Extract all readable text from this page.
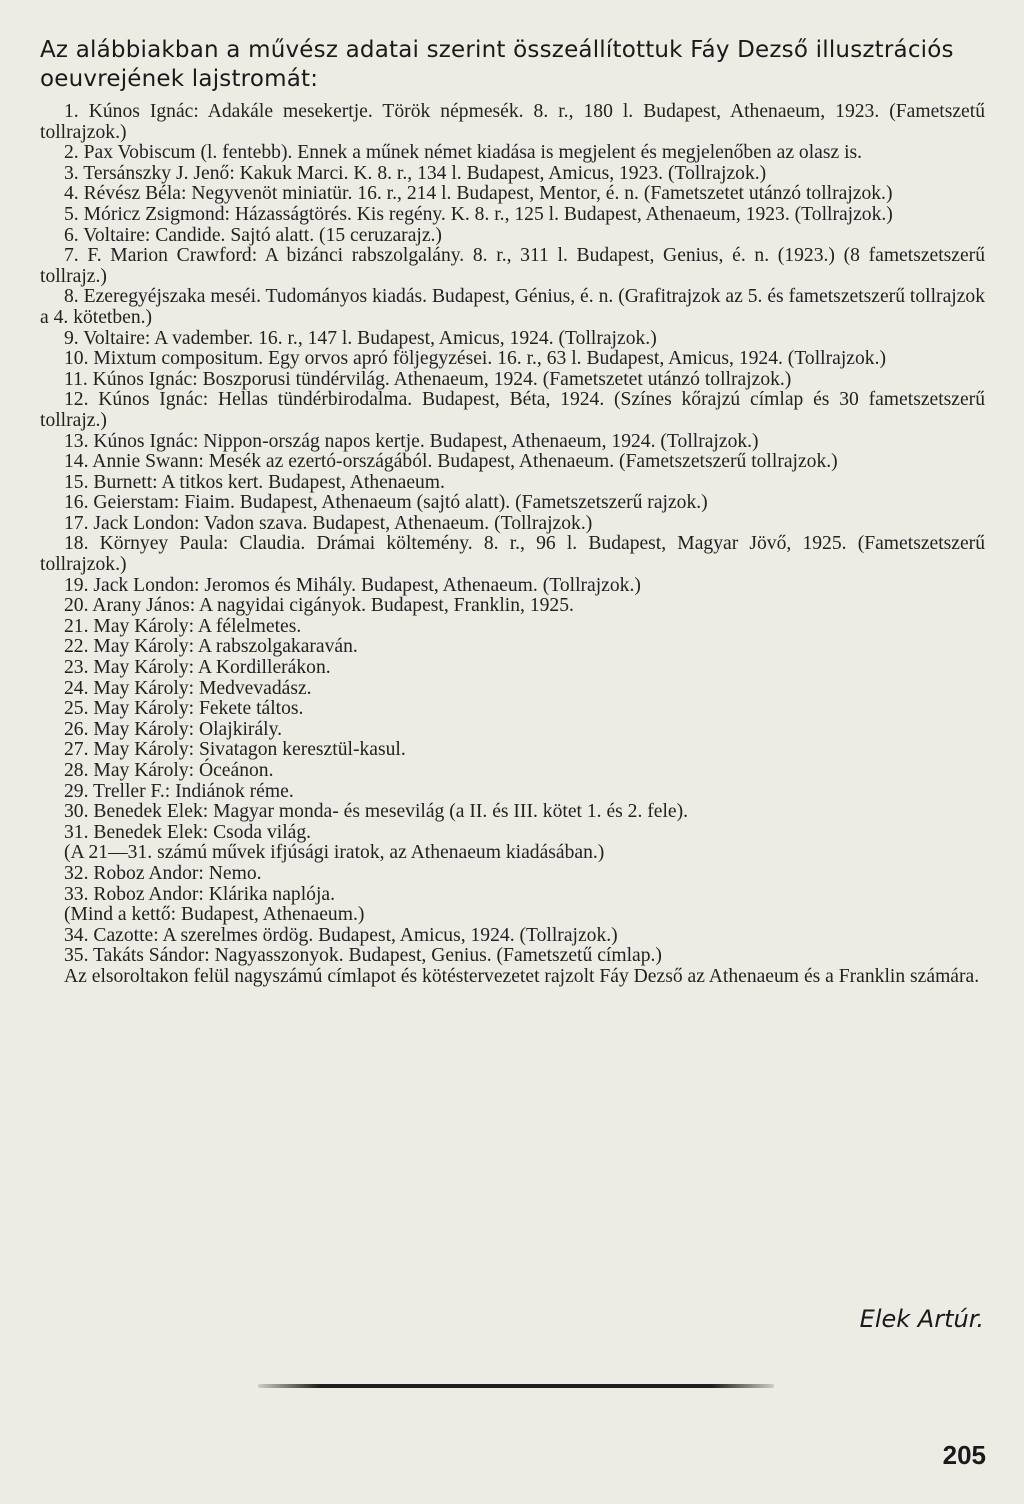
Az alábbiakban a művész adatai szerint összeállítottuk Fáy Dezső illusztrációs oeuvrejének lajstromát:

1. Kúnos Ignác: Adakále mesekertje. Török népmesék. 8. r., 180 l. Budapest, Athenaeum, 1923. (Fametszetű tollrajzok.)

2. Pax Vobiscum (l. fentebb). Ennek a műnek német kiadása is megjelent és megjelenőben az olasz is.

3. Tersánszky J. Jenő: Kakuk Marci. K. 8. r., 134 l. Budapest, Amicus, 1923. (Tollrajzok.)

4. Révész Béla: Negyvenöt miniatür. 16. r., 214 l. Budapest, Mentor, é. n. (Fametszetet utánzó tollrajzok.)

5. Móricz Zsigmond: Házasságtörés. Kis regény. K. 8. r., 125 l. Budapest, Athenaeum, 1923. (Tollrajzok.)

6. Voltaire: Candide. Sajtó alatt. (15 ceruzarajz.)

7. F. Marion Crawford: A bizánci rabszolgalány. 8. r., 311 l. Budapest, Genius, é. n. (1923.) (8 fametszetszerű tollrajz.)

8. Ezeregyéjszaka meséi. Tudományos kiadás. Budapest, Génius, é. n. (Grafitrajzok az 5. és fametszetszerű tollrajzok a 4. kötetben.)

9. Voltaire: A vadember. 16. r., 147 l. Budapest, Amicus, 1924. (Tollrajzok.)

10. Mixtum compositum. Egy orvos apró följegyzései. 16. r., 63 l. Budapest, Amicus, 1924. (Tollrajzok.)

11. Kúnos Ignác: Boszporusi tündérvilág. Athenaeum, 1924. (Fametszetet utánzó tollrajzok.)

12. Kúnos Ignác: Hellas tündérbirodalma. Budapest, Béta, 1924. (Színes kőrajzú címlap és 30 fametszetszerű tollrajz.)

13. Kúnos Ignác: Nippon-ország napos kertje. Budapest, Athenaeum, 1924. (Tollrajzok.)

14. Annie Swann: Mesék az ezertó-országából. Budapest, Athenaeum. (Fametszetszerű tollrajzok.)

15. Burnett: A titkos kert. Budapest, Athenaeum.

16. Geierstam: Fiaim. Budapest, Athenaeum (sajtó alatt). (Fametszetszerű rajzok.)

17. Jack London: Vadon szava. Budapest, Athenaeum. (Tollrajzok.)

18. Környey Paula: Claudia. Drámai költemény. 8. r., 96 l. Budapest, Magyar Jövő, 1925. (Fametszetszerű tollrajzok.)

19. Jack London: Jeromos és Mihály. Budapest, Athenaeum. (Tollrajzok.)

20. Arany János: A nagyidai cigányok. Budapest, Franklin, 1925.

21. May Károly: A félelmetes.

22. May Károly: A rabszolgakaraván.

23. May Károly: A Kordillerákon.

24. May Károly: Medvevadász.

25. May Károly: Fekete táltos.

26. May Károly: Olajkirály.

27. May Károly: Sivatagon keresztül-kasul.

28. May Károly: Óceánon.

29. Treller F.: Indiánok réme.

30. Benedek Elek: Magyar monda- és mesevilág (a II. és III. kötet 1. és 2. fele).

31. Benedek Elek: Csoda világ.

(A 21—31. számú művek ifjúsági iratok, az Athenaeum kiadásában.)

32. Roboz Andor: Nemo.

33. Roboz Andor: Klárika naplója.

(Mind a kettő: Budapest, Athenaeum.)

34. Cazotte: A szerelmes ördög. Budapest, Amicus, 1924. (Tollrajzok.)

35. Takáts Sándor: Nagyasszonyok. Budapest, Genius. (Fametszetű címlap.)

Az elsoroltakon felül nagyszámú címlapot és kötéstervezetet rajzolt Fáy Dezső az Athenaeum és a Franklin számára.

Elek Artúr.
205
